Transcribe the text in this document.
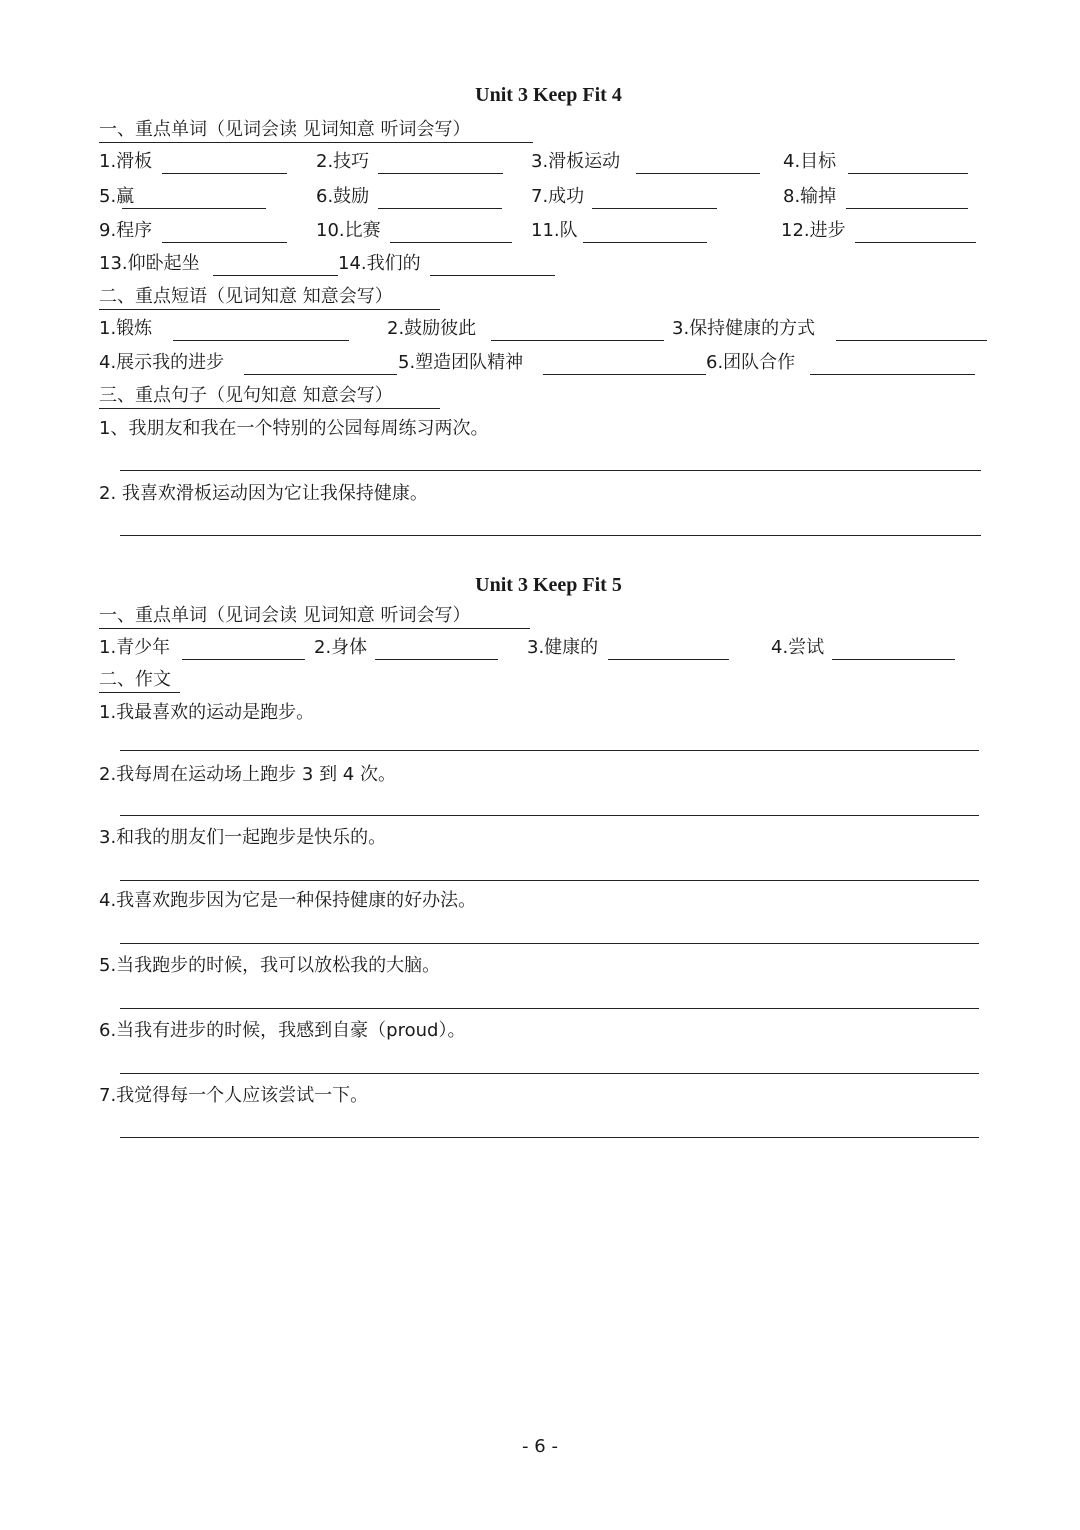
Unit 3 Keep Fit 4
一、重点单词（见词会读 见词知意 听词会写）
二、重点短语（见词知意 知意会写）
三、重点句子（见句知意 知意会写）
Unit 3 Keep Fit 5
一、重点单词（见词会读 见词知意 听词会写）
二、作文
- 6 -
1.滑板	2.技巧	3.滑板运动	4.目标
5.赢	6.鼓励	7.成功	8.输掉
9.程序	10.比赛	11.队	12.进步
13.仰卧起坐	14.我们的
1.锻炼	2.鼓励彼此	3.保持健康的方式
4.展示我的进步	5.塑造团队精神	6.团队合作
1、我朋友和我在一个特别的公园每周练习两次。
2. 我喜欢滑板运动因为它让我保持健康。
1.青少年	2.身体	3.健康的	4.尝试
1.我最喜欢的运动是跑步。
2.我每周在运动场上跑步 3 到 4 次。
3.和我的朋友们一起跑步是快乐的。
4.我喜欢跑步因为它是一种保持健康的好办法。
5.当我跑步的时候，我可以放松我的大脑。
6.当我有进步的时候，我感到自豪（proud）。
7.我觉得每一个人应该尝试一下。
